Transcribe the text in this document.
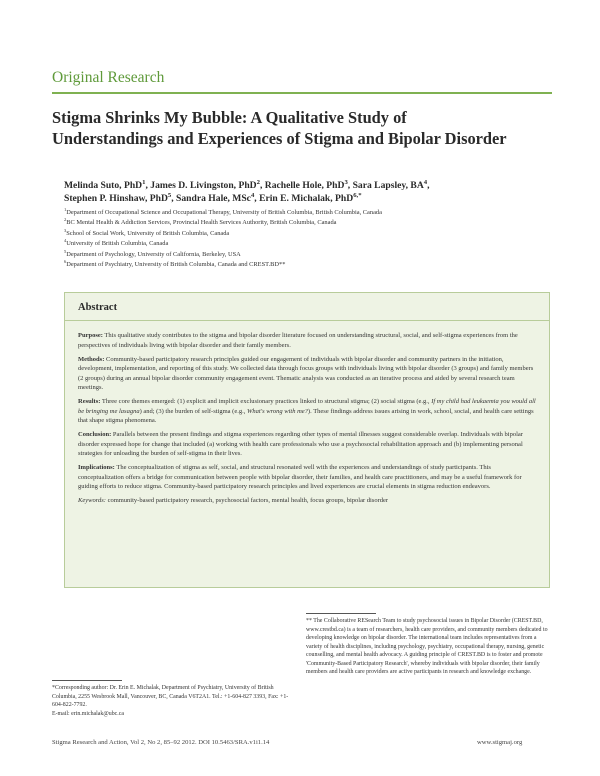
Original Research
Stigma Shrinks My Bubble: A Qualitative Study of
Understandings and Experiences of Stigma and Bipolar Disorder
Melinda Suto, PhD$^1$, James D. Livingston, PhD$^2$, Rachelle Hole, PhD$^3$, Sara Lapsley, $BA^4$,
Stephen P. Hinshaw, PhD$^5$, Sandra Hale, MSc$^4$, Erin E. Michalak, PhD$^{6,*}$
$^1$Department of Occupational Science and Occupational Therapy, University of British Columbia, British Columbia, Canada
$^2$BC Mental Health & Addiction Services, Provincial Health Services Authority, British Columbia, Canada
$^3$School of Social Work, University of British Columbia, Canada
$^4$University of British Columbia, Canada
$^5$Department of Psychology, University of California, Berkeley, USA
$^6$Department of Psychiatry, University of British Columbia, Canada and CREST.BD**
Abstract

Purpose: This qualitative study contributes to the stigma and bipolar disorder literature focused on understanding structural, social, and self-stigma experiences from the perspectives of individuals living with bipolar disorder and their family members.

Methods: Community-based participatory research principles guided our engagement of individuals with bipolar disorder and community partners in the initiation, development, implementation, and reporting of this study. We collected data through focus groups with individuals living with bipolar disorder (3 groups) and family members (2 groups) during an annual bipolar disorder community engagement event. Thematic analysis was conducted as an iterative process and aided by several research team meetings.

Results: Three core themes emerged: (1) explicit and implicit exclusionary practices linked to structural stigma; (2) social stigma (e.g., If my child had leukaemia you would all be bringing me lasagna) and; (3) the burden of self-stigma (e.g., What's wrong with me?). These findings address issues arising in work, school, social, and health care settings that shape stigma phenomena.

Conclusion: Parallels between the present findings and stigma experiences regarding other types of mental illnesses suggest considerable overlap. Individuals with bipolar disorder expressed hope for change that included (a) working with health care professionals who use a psychosocial rehabilitation approach and (b) implementing personal strategies for unloading the burden of self-stigma in their lives.

Implications: The conceptualization of stigma as self, social, and structural resonated well with the experiences and understandings of study participants. This conceptualization offers a bridge for communication between people with bipolar disorder, their families, and health care practitioners, and may be a useful framework for guiding efforts to reduce stigma. Community-based participatory research principles and lived experiences are crucial elements in stigma reduction endeavors.

Keywords: community-based participatory research, psychosocial factors, mental health, focus groups, bipolar disorder

** The Collaborative RESearch Team to study psychosocial issues in Bipolar Disorder (CREST.BD, www.crestbd.ca) is a team of researchers, health care providers, and community members dedicated to developing knowledge on bipolar disorder. The international team includes representatives from a variety of health disciplines, including psychology, psychiatry, occupational therapy, nursing, genetic counselling, and mental health advocacy. A guiding principle of CREST.BD is to foster and promote 'Community-Based Participatory Research', whereby individuals with bipolar disorder, their family members and health care providers are active participants in research and knowledge exchange.
*Corresponding author: Dr. Erin E. Michalak, Department of Psychiatry, University of British Columbia, 2255 Wesbrook Mall, Vancouver, BC, Canada V6T2A1. Tel.: +1-604-827 3393, Fax: +1-604-822-7792.
E-mail: erin.michalak@ubc.ca
Stigma Research and Action, Vol 2, No 2, 85–92 2012. DOI 10.5463/SRA.v1i1.14	www.stigmaj.org
